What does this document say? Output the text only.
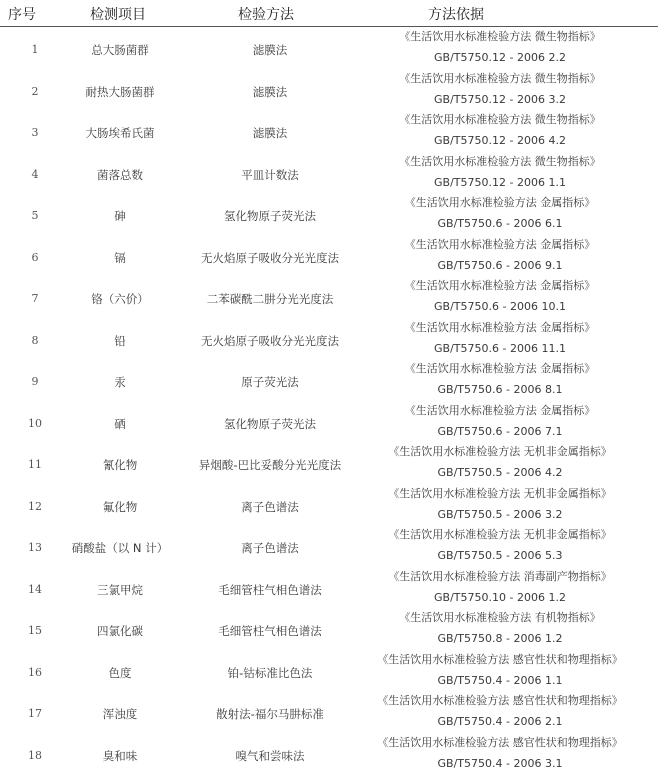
序号	检测项目	检验方法	方法依据
1	总大肠菌群	滤膜法
《生活饮用水标准检验方法 微生物指标》
GB/T5750.12 - 2006 2.2
2	耐热大肠菌群	滤膜法
《生活饮用水标准检验方法 微生物指标》
GB/T5750.12 - 2006 3.2
3	大肠埃希氏菌	滤膜法
《生活饮用水标准检验方法 微生物指标》
GB/T5750.12 - 2006 4.2
4	菌落总数	平皿计数法
《生活饮用水标准检验方法 微生物指标》
GB/T5750.12 - 2006 1.1
5	砷	氢化物原子荧光法
《生活饮用水标准检验方法 金属指标》
GB/T5750.6 - 2006 6.1
6	镉	无火焰原子吸收分光光度法
《生活饮用水标准检验方法 金属指标》
GB/T5750.6 - 2006 9.1
7	铬（六价）	二苯碳酰二肼分光光度法
《生活饮用水标准检验方法 金属指标》
GB/T5750.6 - 2006 10.1
8	铅	无火焰原子吸收分光光度法
《生活饮用水标准检验方法 金属指标》
GB/T5750.6 - 2006 11.1
9	汞	原子荧光法
《生活饮用水标准检验方法 金属指标》
GB/T5750.6 - 2006 8.1
10	硒	氢化物原子荧光法
《生活饮用水标准检验方法 金属指标》
GB/T5750.6 - 2006 7.1
11	氰化物	异烟酸-巴比妥酸分光光度法
《生活饮用水标准检验方法 无机非金属指标》
GB/T5750.5 - 2006 4.2
12	氟化物	离子色谱法
《生活饮用水标准检验方法 无机非金属指标》
GB/T5750.5 - 2006 3.2
13	硝酸盐（以 N 计）	离子色谱法
《生活饮用水标准检验方法 无机非金属指标》
GB/T5750.5 - 2006 5.3
14	三氯甲烷	毛细管柱气相色谱法
《生活饮用水标准检验方法 消毒副产物指标》
GB/T5750.10 - 2006 1.2
15	四氯化碳	毛细管柱气相色谱法
《生活饮用水标准检验方法 有机物指标》
GB/T5750.8 - 2006 1.2
16	色度	铂-钴标准比色法
《生活饮用水标准检验方法 感官性状和物理指标》
GB/T5750.4 - 2006 1.1
17	浑浊度	散射法-福尔马肼标准
《生活饮用水标准检验方法 感官性状和物理指标》
GB/T5750.4 - 2006 2.1
18	臭和味	嗅气和尝味法
《生活饮用水标准检验方法 感官性状和物理指标》
GB/T5750.4 - 2006 3.1
